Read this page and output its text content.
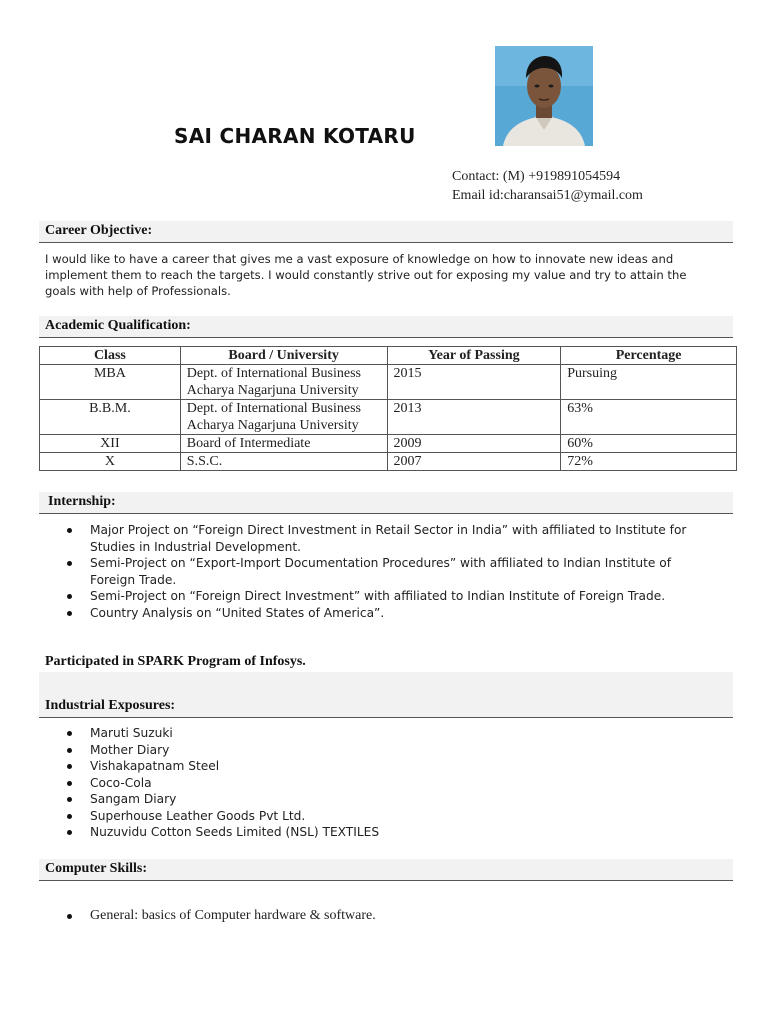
SAI CHARAN KOTARU
Contact: (M) +919891054594
Email id:charansai51@ymail.com
Career Objective:
I would like to have a career that gives me a vast exposure of knowledge on how to innovate new ideas and
implement them to reach the targets. I would constantly strive out for exposing my value and try to attain the
goals with help of Professionals.
Academic Qualification:
Class	Board / University	Year of Passing	Percentage
MBA	Dept. of International Business
Acharya Nagarjuna University	2015	Pursuing
B.B.M.	Dept. of International Business
Acharya Nagarjuna University	2013	63%
XII	Board of Intermediate	2009	60%
X	S.S.C.	2007	72%
Internship:
Major Project on “Foreign Direct Investment in Retail Sector in India” with affiliated to Institute for
Studies in Industrial Development.
Semi-Project on “Export-Import Documentation Procedures” with affiliated to Indian Institute of
Foreign Trade.
Semi-Project on “Foreign Direct Investment” with affiliated to Indian Institute of Foreign Trade.
Country Analysis on “United States of America”.
Participated in SPARK Program of Infosys.
Industrial Exposures:
Maruti Suzuki
Mother Diary
Vishakapatnam Steel
Coco-Cola
Sangam Diary
Superhouse Leather Goods Pvt Ltd.
Nuzuvidu Cotton Seeds Limited (NSL) TEXTILES
Computer Skills:
General: basics of Computer hardware & software.
